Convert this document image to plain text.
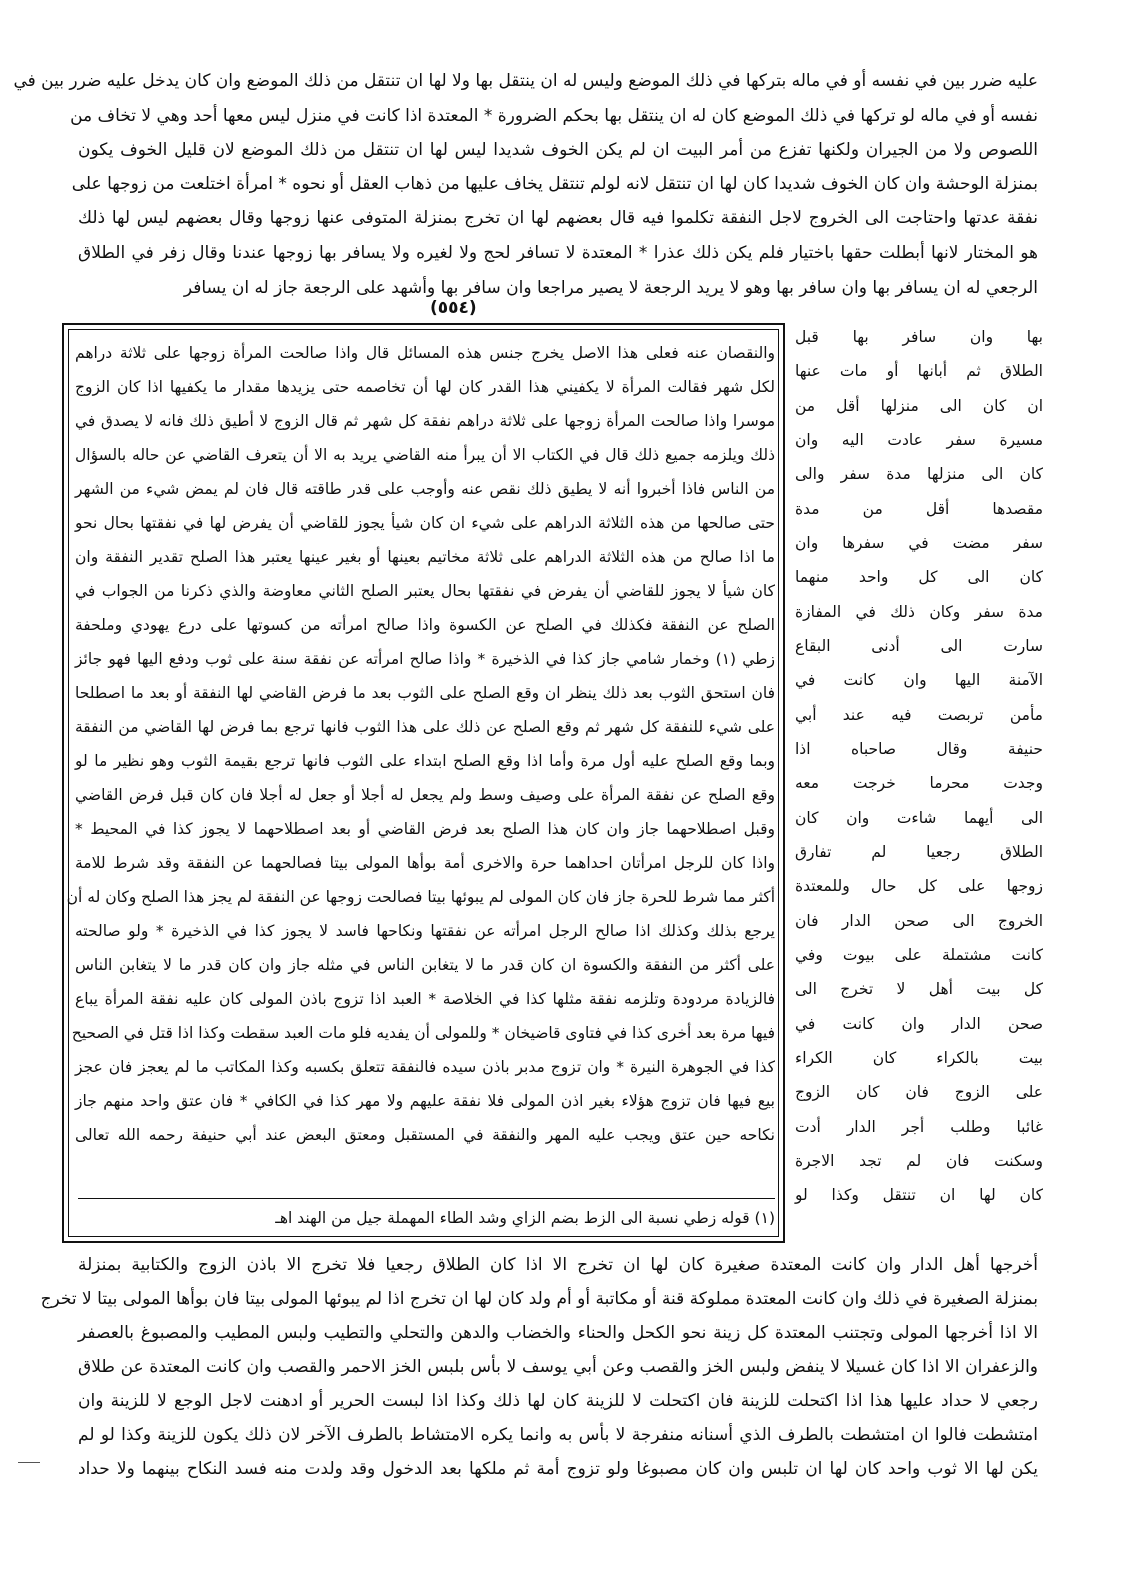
عليه ضرر بين في نفسه أو في ماله بتركها في ذلك الموضع وليس له ان ينتقل بها ولا لها ان تنتقل من ذلك الموضع وان كان يدخل عليه ضرر بين في
نفسه أو في ماله لو تركها في ذلك الموضع كان له ان ينتقل بها بحكم الضرورة * المعتدة اذا كانت في منزل ليس معها أحد وهي لا تخاف من
اللصوص ولا من الجيران ولكنها تفزع من أمر البيت ان لم يكن الخوف شديدا ليس لها ان تنتقل من ذلك الموضع لان قليل الخوف يكون
بمنزلة الوحشة وان كان الخوف شديدا كان لها ان تنتقل لانه لولم تنتقل يخاف عليها من ذهاب العقل أو نحوه * امرأة اختلعت من زوجها على
نفقة عدتها واحتاجت الى الخروج لاجل النفقة تكلموا فيه قال بعضهم لها ان تخرج بمنزلة المتوفى عنها زوجها وقال بعضهم ليس لها ذلك
هو المختار لانها أبطلت حقها باختيار فلم يكن ذلك عذرا * المعتدة لا تسافر لحج ولا لغيره ولا يسافر بها زوجها عندنا وقال زفر في الطلاق
الرجعي له ان يسافر بها وان سافر بها وهو لا يريد الرجعة لا يصير مراجعا وان سافر بها وأشهد على الرجعة جاز له ان يسافر
(٥٥٤)
بها وان سافر بها قبل
الطلاق ثم أبانها أو مات عنها
ان كان الى منزلها أقل من
مسيرة سفر عادت اليه وان
كان الى منزلها مدة سفر والى
مقصدها أقل من مدة
سفر مضت في سفرها وان
كان الى كل واحد منهما
مدة سفر وكان ذلك في المفازة
سارت الى أدنى البقاع
الآمنة اليها وان كانت في
مأمن تربصت فيه عند أبي
حنيفة وقال صاحباه اذا
وجدت محرما خرجت معه
الى أيهما شاءت وان كان
الطلاق رجعيا لم تفارق
زوجها على كل حال وللمعتدة
الخروج الى صحن الدار فان
كانت مشتملة على بيوت وفي
كل بيت أهل لا تخرج الى
صحن الدار وان كانت في
بيت بالكراء كان الكراء
على الزوج فان كان الزوج
غائبا وطلب أجر الدار أدت
وسكنت فان لم تجد الاجرة
كان لها ان تنتقل وكذا لو
والنقصان عنه فعلى هذا الاصل يخرج جنس هذه المسائل قال واذا صالحت المرأة زوجها على ثلاثة دراهم
لكل شهر فقالت المرأة لا يكفيني هذا القدر كان لها أن تخاصمه حتى يزيدها مقدار ما يكفيها اذا كان الزوج
موسرا واذا صالحت المرأة زوجها على ثلاثة دراهم نفقة كل شهر ثم قال الزوج لا أطيق ذلك فانه لا يصدق في
ذلك ويلزمه جميع ذلك قال في الكتاب الا أن يبرأ منه القاضي يريد به الا أن يتعرف القاضي عن حاله بالسؤال
من الناس فاذا أخبروا أنه لا يطيق ذلك نقص عنه وأوجب على قدر طاقته قال فان لم يمض شيء من الشهر
حتى صالحها من هذه الثلاثة الدراهم على شيء ان كان شيأ يجوز للقاضي أن يفرض لها في نفقتها بحال نحو
ما اذا صالح من هذه الثلاثة الدراهم على ثلاثة مخاتيم بعينها أو بغير عينها يعتبر هذا الصلح تقدير النفقة وان
كان شيأ لا يجوز للقاضي أن يفرض في نفقتها بحال يعتبر الصلح الثاني معاوضة والذي ذكرنا من الجواب في
الصلح عن النفقة فكذلك في الصلح عن الكسوة واذا صالح امرأته من كسوتها على درع يهودي وملحفة
زطي (١) وخمار شامي جاز كذا في الذخيرة * واذا صالح امرأته عن نفقة سنة على ثوب ودفع اليها فهو جائز
فان استحق الثوب بعد ذلك ينظر ان وقع الصلح على الثوب بعد ما فرض القاضي لها النفقة أو بعد ما اصطلحا
على شيء للنفقة كل شهر ثم وقع الصلح عن ذلك على هذا الثوب فانها ترجع بما فرض لها القاضي من النفقة
وبما وقع الصلح عليه أول مرة وأما اذا وقع الصلح ابتداء على الثوب فانها ترجع بقيمة الثوب وهو نظير ما لو
وقع الصلح عن نفقة المرأة على وصيف وسط ولم يجعل له أجلا أو جعل له أجلا فان كان قبل فرض القاضي
وقبل اصطلاحهما جاز وان كان هذا الصلح بعد فرض القاضي أو بعد اصطلاحهما لا يجوز كذا في المحيط *
واذا كان للرجل امرأتان احداهما حرة والاخرى أمة بوأها المولى بيتا فصالحهما عن النفقة وقد شرط للامة
أكثر مما شرط للحرة جاز فان كان المولى لم يبوئها بيتا فصالحت زوجها عن النفقة لم يجز هذا الصلح وكان له أن
يرجع بذلك وكذلك اذا صالح الرجل امرأته عن نفقتها ونكاحها فاسد لا يجوز كذا في الذخيرة * ولو صالحته
على أكثر من النفقة والكسوة ان كان قدر ما لا يتغابن الناس في مثله جاز وان كان قدر ما لا يتغابن الناس
فالزيادة مردودة وتلزمه نفقة مثلها كذا في الخلاصة * العبد اذا تزوج باذن المولى كان عليه نفقة المرأة يباع
فيها مرة بعد أخرى كذا في فتاوى قاضيخان * وللمولى أن يفديه فلو مات العبد سقطت وكذا اذا قتل في الصحيح
كذا في الجوهرة النيرة * وان تزوج مدبر باذن سيده فالنفقة تتعلق بكسبه وكذا المكاتب ما لم يعجز فان عجز
بيع فيها فان تزوج هؤلاء بغير اذن المولى فلا نفقة عليهم ولا مهر كذا في الكافي * فان عتق واحد منهم جاز
نكاحه حين عتق ويجب عليه المهر والنفقة في المستقبل ومعتق البعض عند أبي حنيفة رحمه الله تعالى
(١) قوله زطي نسبة الى الزط بضم الزاي وشد الطاء المهملة جيل من الهند اهـ
أخرجها أهل الدار وان كانت المعتدة صغيرة كان لها ان تخرج الا اذا كان الطلاق رجعيا فلا تخرج الا باذن الزوج والكتابية بمنزلة
بمنزلة الصغيرة في ذلك وان كانت المعتدة مملوكة قنة أو مكاتبة أو أم ولد كان لها ان تخرج اذا لم يبوئها المولى بيتا فان بوأها المولى بيتا لا تخرج
الا اذا أخرجها المولى وتجتنب المعتدة كل زينة نحو الكحل والحناء والخضاب والدهن والتحلي والتطيب ولبس المطيب والمصبوغ بالعصفر
والزعفران الا اذا كان غسيلا لا ينفض ولبس الخز والقصب وعن أبي يوسف لا بأس بلبس الخز الاحمر والقصب وان كانت المعتدة عن طلاق
رجعي لا حداد عليها هذا اذا اكتحلت للزينة فان اكتحلت لا للزينة كان لها ذلك وكذا اذا لبست الحرير أو ادهنت لاجل الوجع لا للزينة وان
امتشطت فالوا ان امتشطت بالطرف الذي أسنانه منفرجة لا بأس به وانما يكره الامتشاط بالطرف الآخر لان ذلك يكون للزينة وكذا لو لم
يكن لها الا ثوب واحد كان لها ان تلبس وان كان مصبوغا ولو تزوج أمة ثم ملكها بعد الدخول وقد ولدت منه فسد النكاح بينهما ولا حداد
